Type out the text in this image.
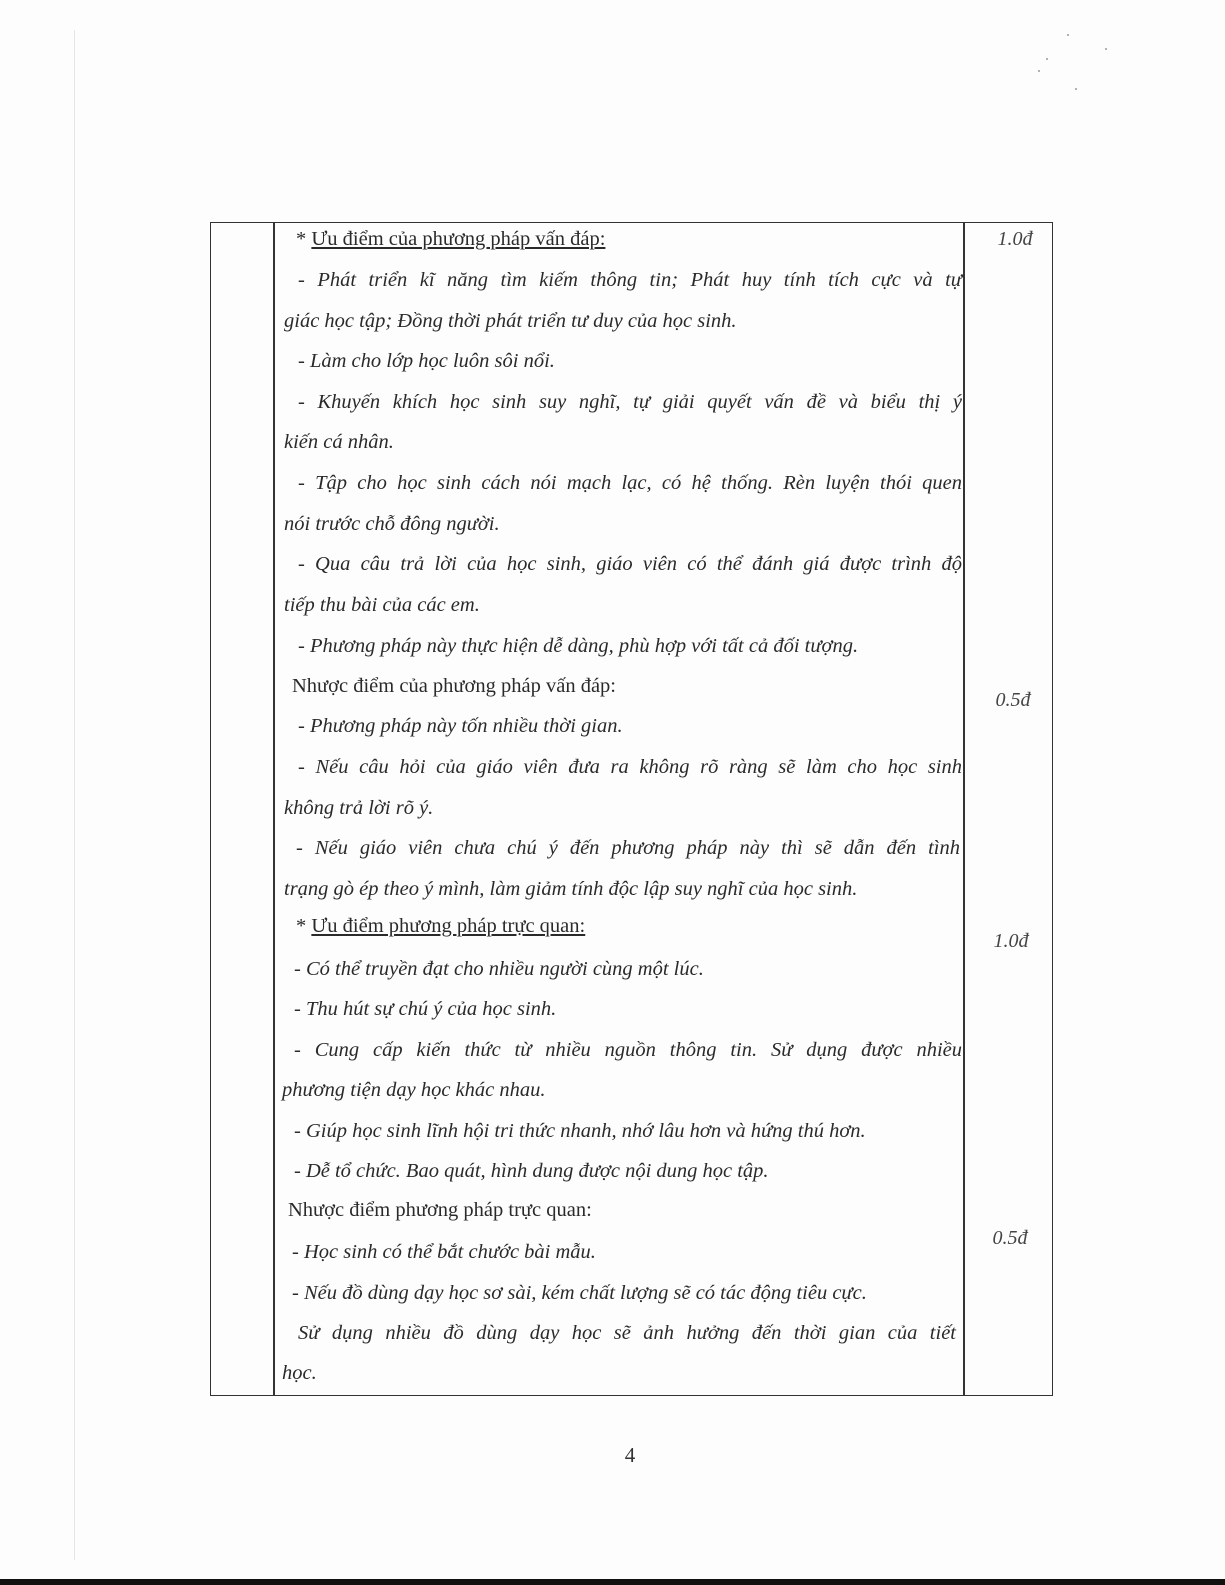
* Ưu điểm của phương pháp vấn đáp:	1.0đ
- Phát triển kĩ năng tìm kiếm thông tin; Phát huy tính tích cực và tự
giác học tập; Đồng thời phát triển tư duy của học sinh.
- Làm cho lớp học luôn sôi nổi.
- Khuyến khích học sinh suy nghĩ, tự giải quyết vấn đề và biểu thị ý
kiến cá nhân.
- Tập cho học sinh cách nói mạch lạc, có hệ thống. Rèn luyện thói quen
nói trước chỗ đông người.
- Qua câu trả lời của học sinh, giáo viên có thể đánh giá được trình độ
tiếp thu bài của các em.
- Phương pháp này thực hiện dễ dàng, phù hợp với tất cả đối tượng.
Nhược điểm của phương pháp vấn đáp:
0.5đ
- Phương pháp này tốn nhiều thời gian.
- Nếu câu hỏi của giáo viên đưa ra không rõ ràng sẽ làm cho học sinh
không trả lời rõ ý.
- Nếu giáo viên chưa chú ý đến phương pháp này thì sẽ dẫn đến tình
trạng gò ép theo ý mình, làm giảm tính độc lập suy nghĩ của học sinh.
* Ưu điểm phương pháp trực quan:
1.0đ
- Có thể truyền đạt cho nhiều người cùng một lúc.
- Thu hút sự chú ý của học sinh.
- Cung cấp kiến thức từ nhiều nguồn thông tin. Sử dụng được nhiều
phương tiện dạy học khác nhau.
- Giúp học sinh lĩnh hội tri thức nhanh, nhớ lâu hơn và hứng thú hơn.
- Dễ tổ chức. Bao quát, hình dung được nội dung học tập.
Nhược điểm phương pháp trực quan:
0.5đ
- Học sinh có thể bắt chước bài mẫu.
- Nếu đồ dùng dạy học sơ sài, kém chất lượng sẽ có tác động tiêu cực.
Sử dụng nhiều đồ dùng dạy học sẽ ảnh hưởng đến thời gian của tiết
học.
4
